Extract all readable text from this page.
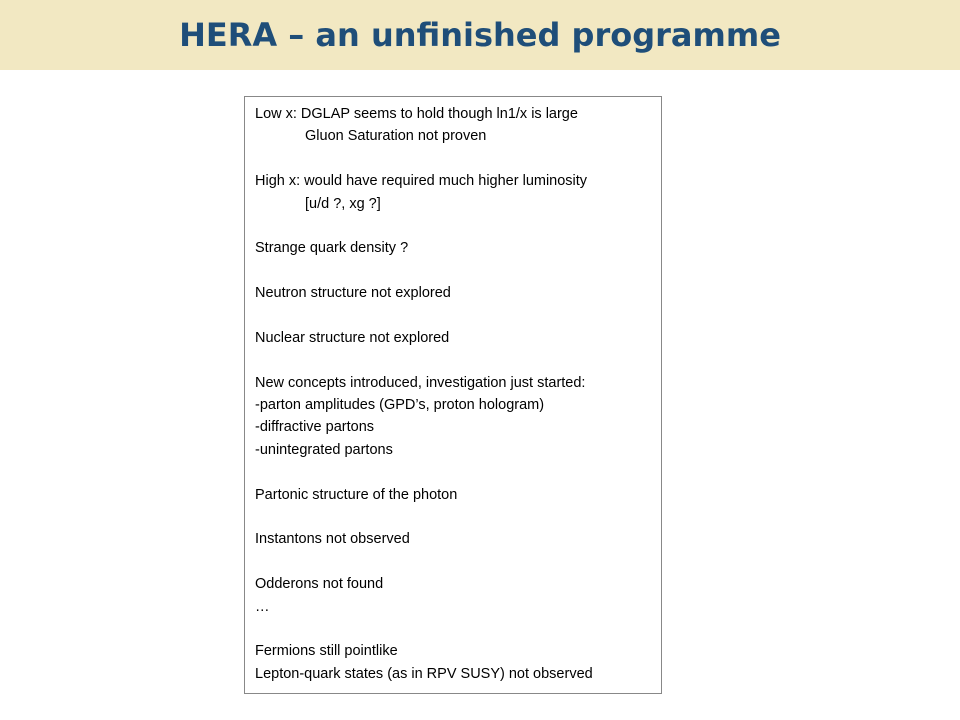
HERA – an unfinished programme
Low x: DGLAP seems to hold though ln1/x is large
Gluon Saturation not proven
High x: would have required much higher luminosity
[u/d ?, xg ?]
Strange quark density ?
Neutron structure not explored
Nuclear structure not explored
New concepts introduced, investigation just started:
-parton amplitudes (GPD’s, proton hologram)
-diffractive partons
-unintegrated partons
Partonic structure of the photon
Instantons not observed
Odderons not found
…
Fermions still pointlike
Lepton-quark states (as in RPV SUSY) not observed
